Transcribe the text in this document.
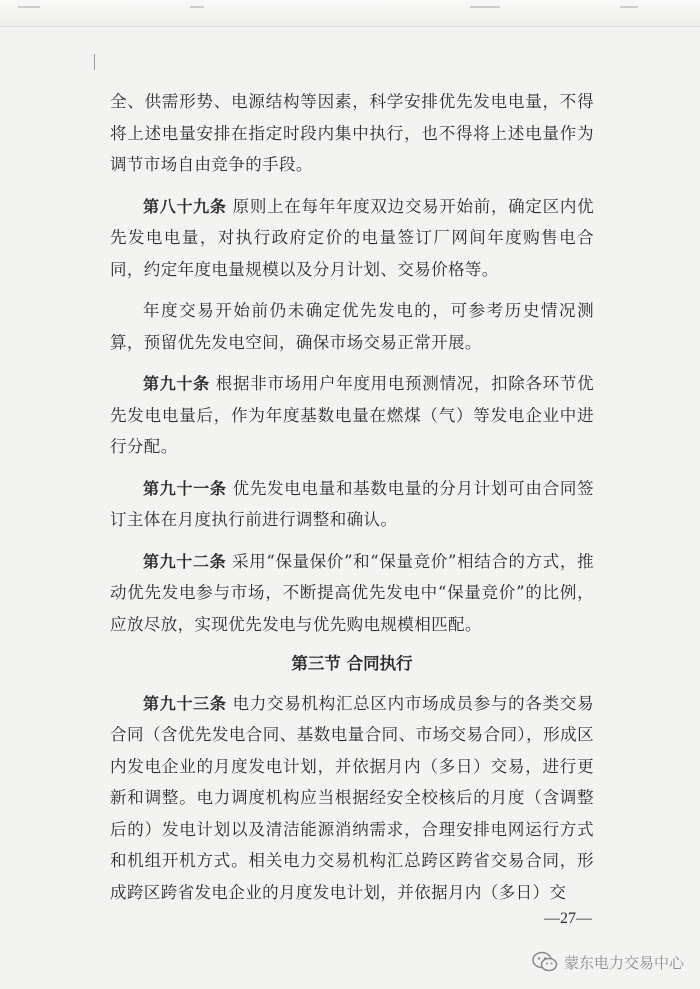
全、供需形势、电源结构等因素，科学安排优先发电电量，不得将上述电量安排在指定时段内集中执行，也不得将上述电量作为调节市场自由竞争的手段。

第八十九条 原则上在每年年度双边交易开始前，确定区内优先发电电量，对执行政府定价的电量签订厂网间年度购售电合同，约定年度电量规模以及分月计划、交易价格等。

年度交易开始前仍未确定优先发电的，可参考历史情况测算，预留优先发电空间，确保市场交易正常开展。

第九十条 根据非市场用户年度用电预测情况，扣除各环节优先发电电量后，作为年度基数电量在燃煤（气）等发电企业中进行分配。

第九十一条 优先发电电量和基数电量的分月计划可由合同签订主体在月度执行前进行调整和确认。

第九十二条 采用“保量保价”和“保量竞价”相结合的方式，推动优先发电参与市场，不断提高优先发电中“保量竞价”的比例，应放尽放，实现优先发电与优先购电规模相匹配。

第三节 合同执行

第九十三条 电力交易机构汇总区内市场成员参与的各类交易合同（含优先发电合同、基数电量合同、市场交易合同），形成区内发电企业的月度发电计划，并依据月内（多日）交易，进行更新和调整。电力调度机构应当根据经安全校核后的月度（含调整后的）发电计划以及清洁能源消纳需求，合理安排电网运行方式和机组开机方式。相关电力交易机构汇总跨区跨省交易合同，形成跨区跨省发电企业的月度发电计划，并依据月内（多日）交

—27—
蒙东电力交易中心
